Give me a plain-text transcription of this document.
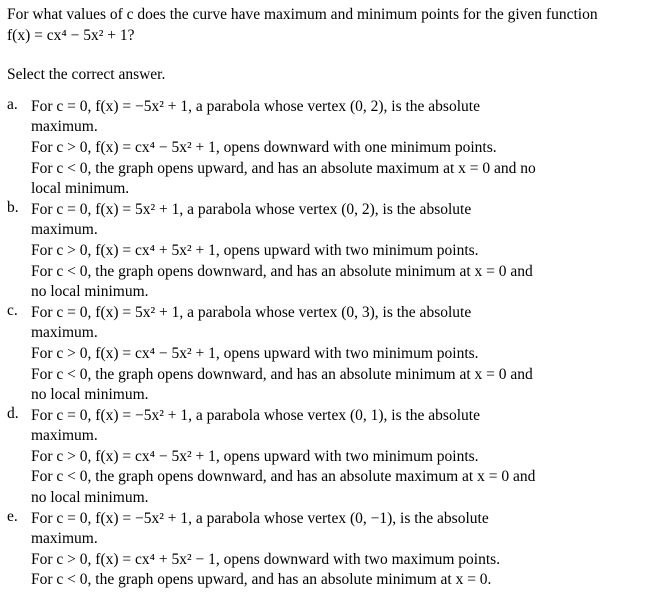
For what values of c does the curve have maximum and minimum points for the given function
f(x) = cx⁴ − 5x² + 1?
Select the correct answer.
a. For c = 0, f(x) = −5x² + 1, a parabola whose vertex (0, 2), is the absolute
maximum.
For c > 0, f(x) = cx⁴ − 5x² + 1, opens downward with one minimum points.
For c < 0, the graph opens upward, and has an absolute maximum at x = 0 and no
local minimum.
b. For c = 0, f(x) = 5x² + 1, a parabola whose vertex (0, 2), is the absolute
maximum.
For c > 0, f(x) = cx⁴ + 5x² + 1, opens upward with two minimum points.
For c < 0, the graph opens downward, and has an absolute minimum at x = 0 and
no local minimum.
c. For c = 0, f(x) = 5x² + 1, a parabola whose vertex (0, 3), is the absolute
maximum.
For c > 0, f(x) = cx⁴ − 5x² + 1, opens upward with two minimum points.
For c < 0, the graph opens downward, and has an absolute minimum at x = 0 and
no local minimum.
d. For c = 0, f(x) = −5x² + 1, a parabola whose vertex (0, 1), is the absolute
maximum.
For c > 0, f(x) = cx⁴ − 5x² + 1, opens upward with two minimum points.
For c < 0, the graph opens downward, and has an absolute maximum at x = 0 and
no local minimum.
e. For c = 0, f(x) = −5x² + 1, a parabola whose vertex (0, −1), is the absolute
maximum.
For c > 0, f(x) = cx⁴ + 5x² − 1, opens downward with two maximum points.
For c < 0, the graph opens upward, and has an absolute minimum at x = 0.
